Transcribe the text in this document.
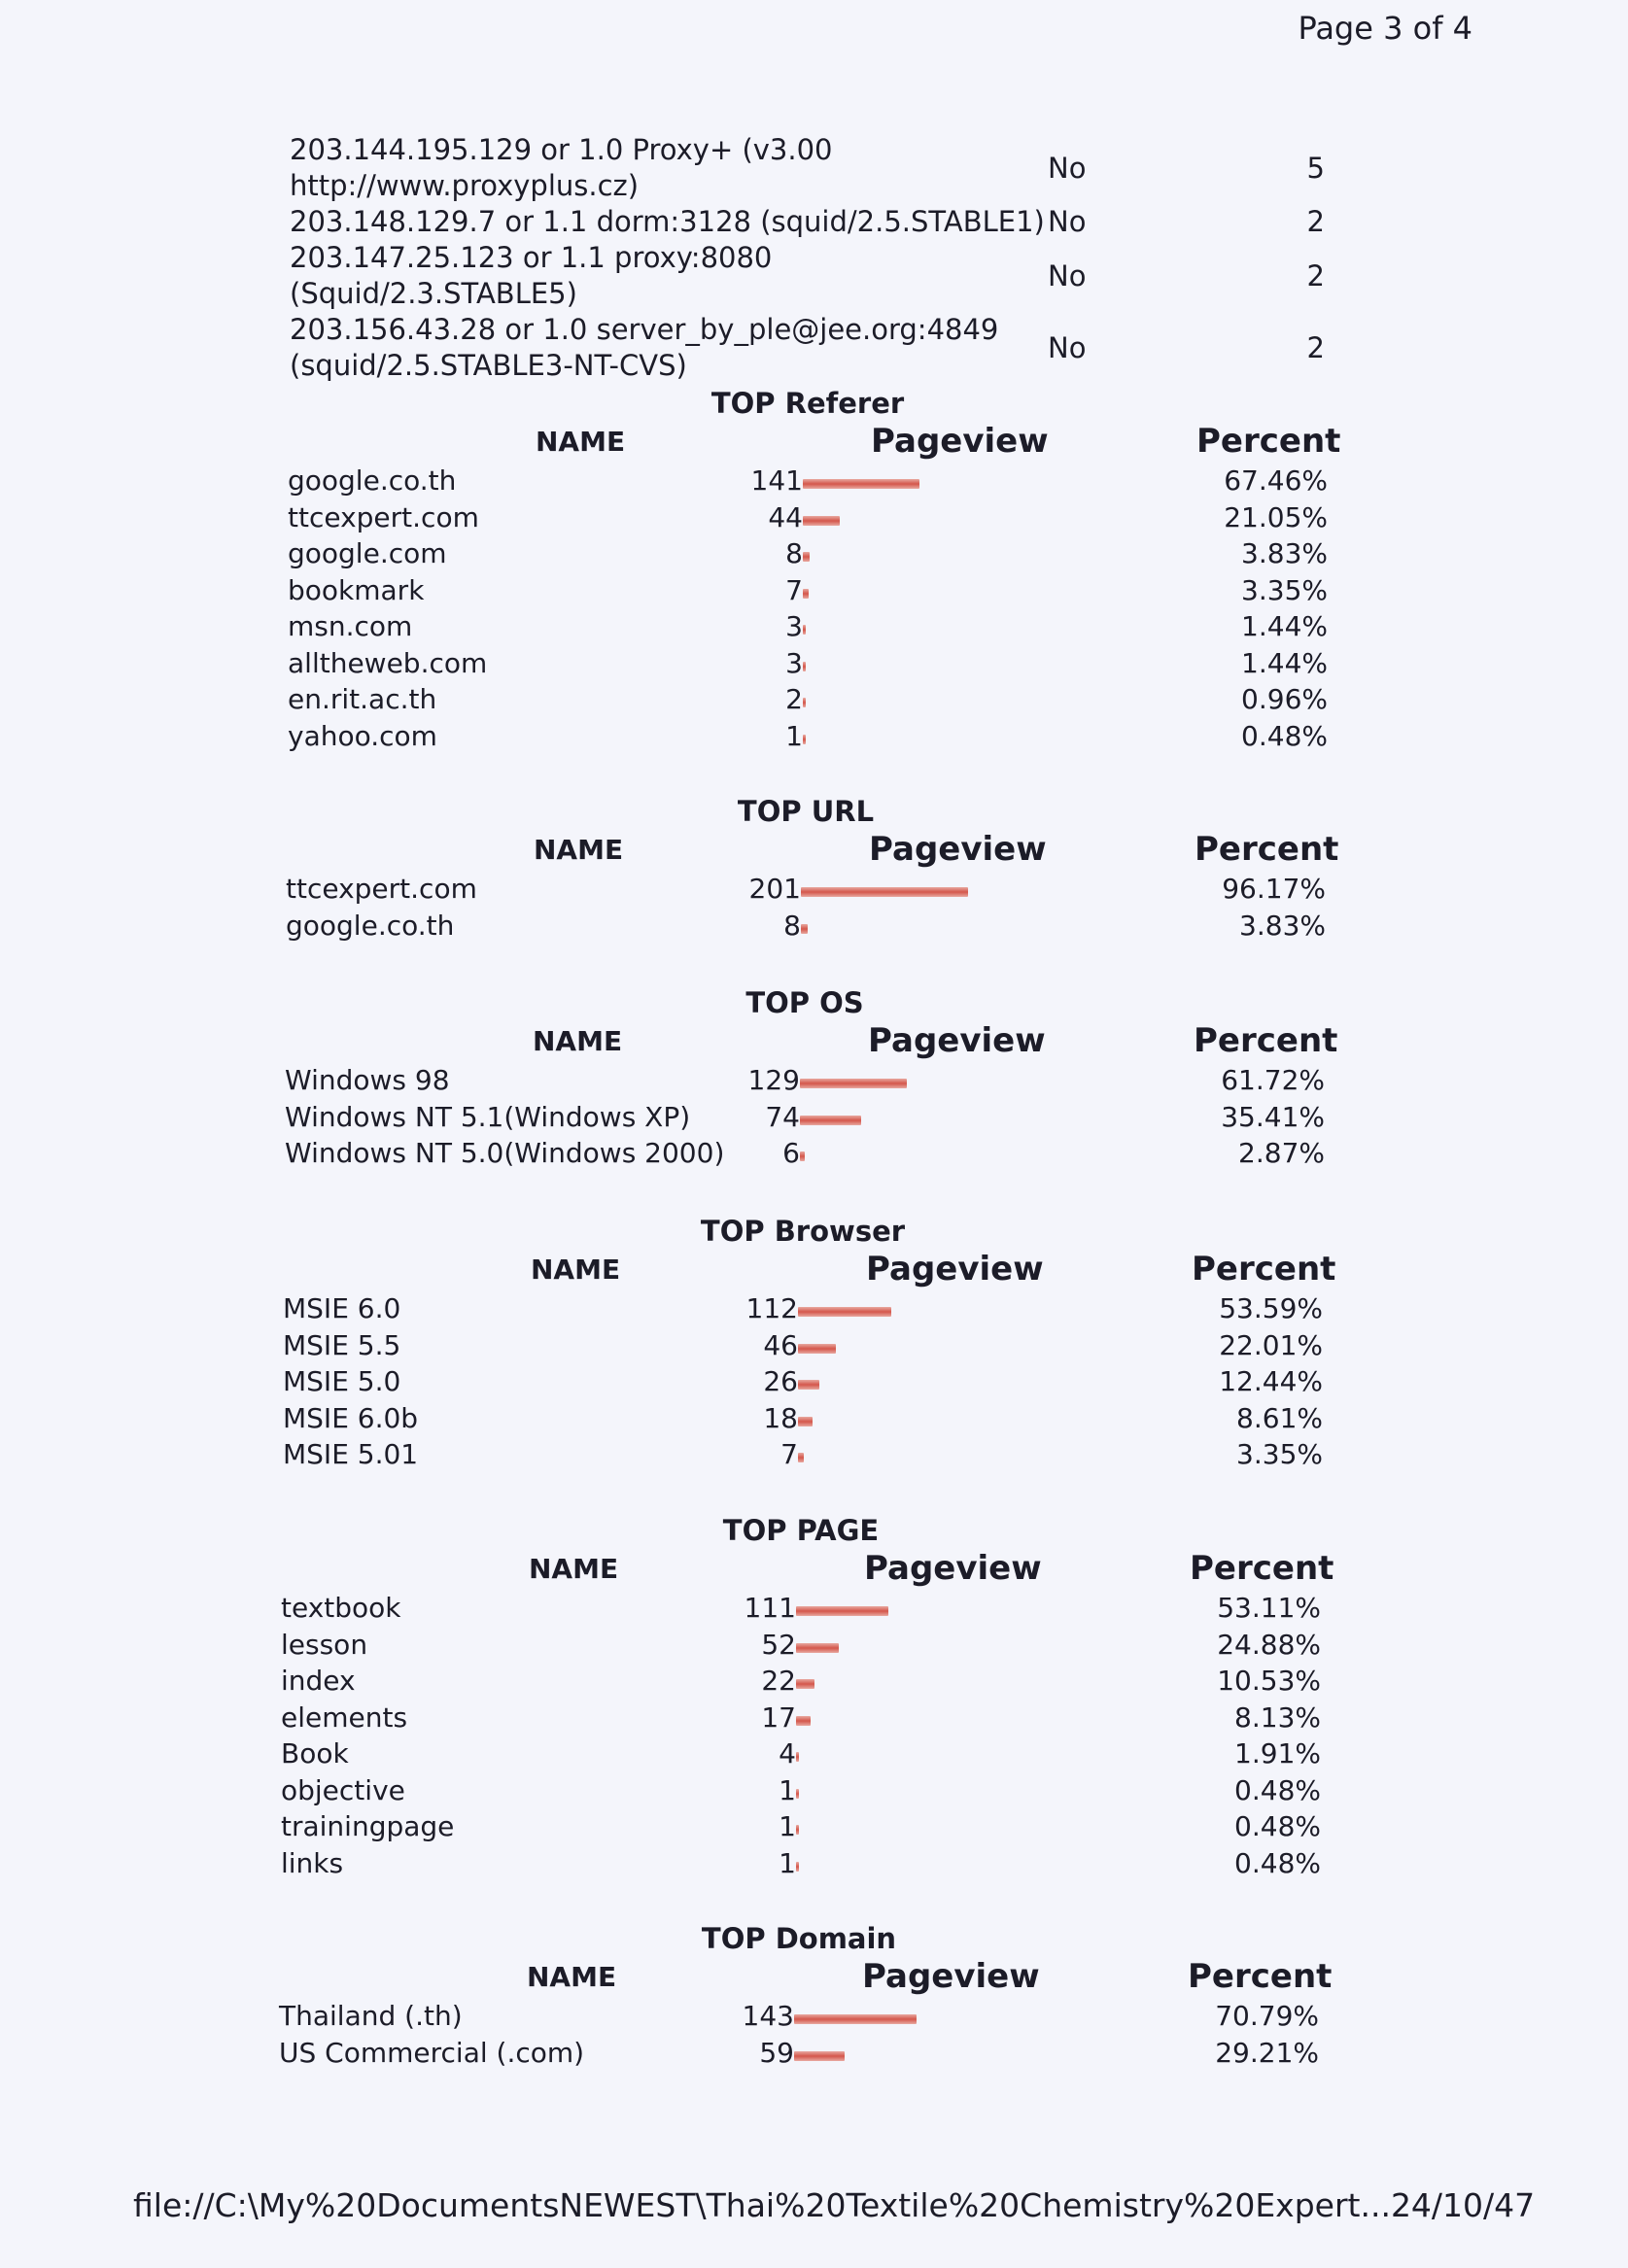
Page 3 of 4
203.144.195.129 or 1.0 Proxy+ (v3.00
http://www.proxyplus.cz)
No	5
203.148.129.7 or 1.1 dorm:3128 (squid/2.5.STABLE1) No	2
203.147.25.123 or 1.1 proxy:8080 (Squid/2.3.STABLE5)
No	2
203.156.43.28 or 1.0 server_by_ple@jee.org:4849
(squid/2.5.STABLE3-NT-CVS)
No	2
TOP Referer
NAME	Pageview	Percent
google.co.th	141	67.46%
ttcexpert.com	44	21.05%
google.com	8	3.83%
bookmark	7	3.35%
msn.com	3	1.44%
alltheweb.com	3	1.44%
en.rit.ac.th	2	0.96%
yahoo.com	1	0.48%
TOP URL
NAME	Pageview	Percent
ttcexpert.com	201	96.17%
google.co.th	8	3.83%
TOP OS
NAME	Pageview	Percent
Windows 98	129	61.72%
Windows NT 5.1(Windows XP)	74	35.41%
Windows NT 5.0(Windows 2000) 6	2.87%
TOP Browser
NAME	Pageview	Percent
MSIE 6.0	112	53.59%
MSIE 5.5	46	22.01%
MSIE 5.0	26	12.44%
MSIE 6.0b	18	8.61%
MSIE 5.01	7	3.35%
TOP PAGE
NAME	Pageview	Percent
textbook	111	53.11%
lesson	52	24.88%
index	22	10.53%
elements	17	8.13%
Book	4	1.91%
objective	1	0.48%
trainingpage	1	0.48%
links	1	0.48%
TOP Domain
NAME	Pageview	Percent
Thailand (.th)	143	70.79%
US Commercial (.com)	59	29.21%
file://C:\My%20DocumentsNEWEST\Thai%20Textile%20Chemistry%20Expert... 24/10/47
